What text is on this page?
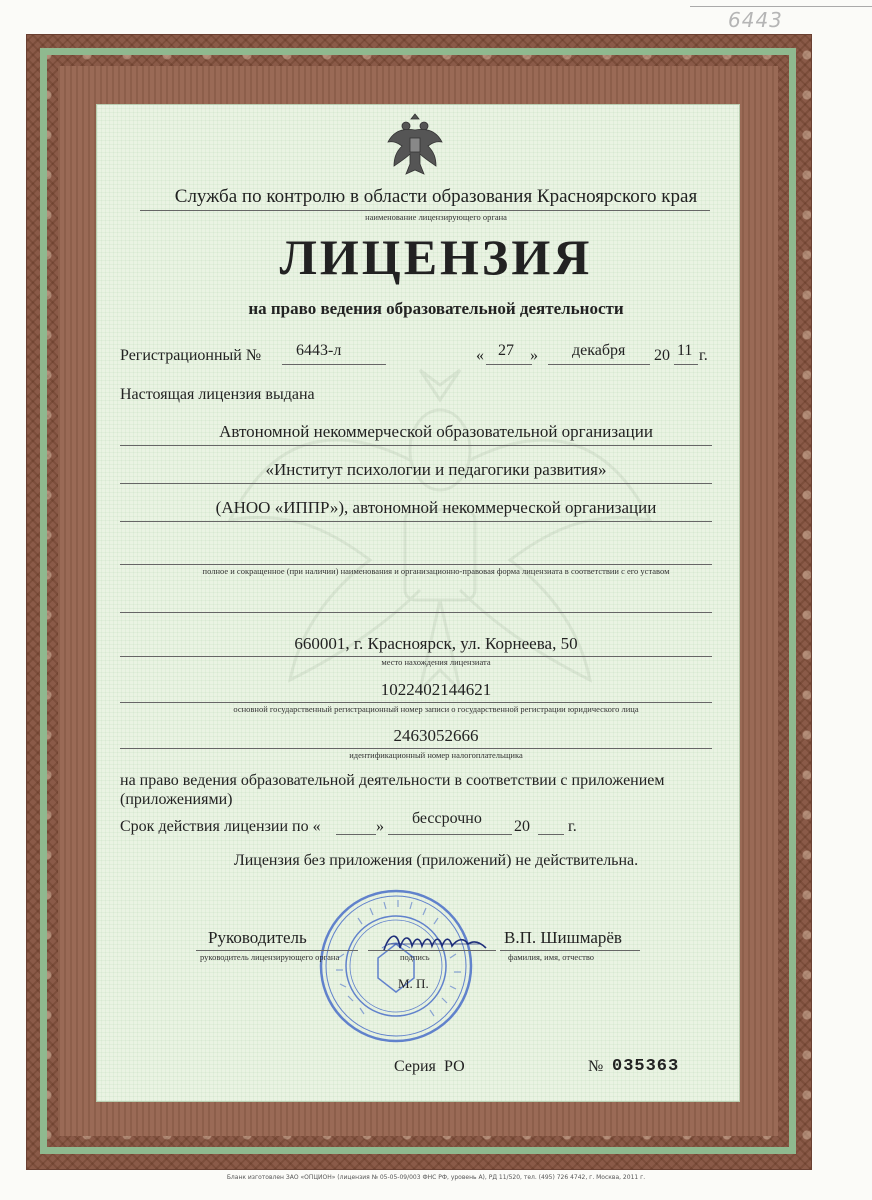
6443
Служба по контролю в области образования Красноярского края
наименование лицензирующего органа
ЛИЦЕНЗИЯ
на право ведения образовательной деятельности
Регистрационный № 6443-л	« 27 » декабря 20 11 г.
Настоящая лицензия выдана
Автономной некоммерческой образовательной организации
«Институт психологии и педагогики развития»
(АНОО «ИППР»), автономной некоммерческой организации
полное и сокращенное (при наличии) наименования и организационно-правовая форма лицензиата в соответствии с его уставом
660001, г. Красноярск, ул. Корнеева, 50
место нахождения лицензиата
1022402144621
основной государственный регистрационный номер записи о государственной регистрации юридического лица
2463052666
идентификационный номер налогоплательщика
на право ведения образовательной деятельности в соответствии с приложением
(приложениями)
Срок действия лицензии по «	» бессрочно 20 г.
Лицензия без приложения (приложений) не действительна.
Руководитель
руководитель лицензирующего органа	подпись
В.П. Шишмарёв
фамилия, имя, отчество
М. П.
Серия РО	№ 035363
Бланк изготовлен ЗАО «ОПЦИОН» (лицензия № 05-05-09/003 ФНС РФ, уровень А), РД 11/520, тел. (495) 726 4742, г. Москва, 2011 г.
